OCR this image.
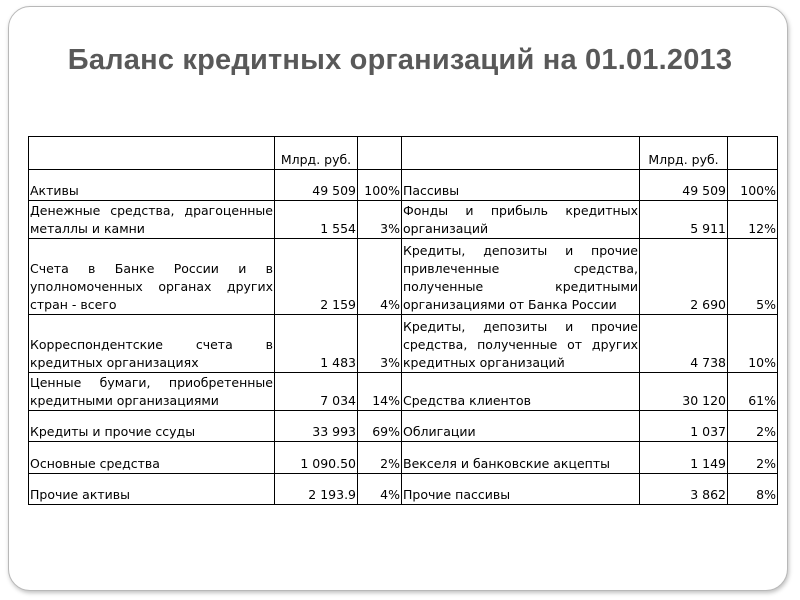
Баланс кредитных организаций на 01.01.2013
	Млрд. руб.			Млрд. руб.	
Активы	49 509	100%	Пассивы	49 509	100%
Денежные средства, драгоценные металлы и камни	1 554	3%	Фонды и прибыль кредитных организаций	5 911	12%
Счета в Банке России и в уполномоченных органах других стран - всего	2 159	4%	Кредиты, депозиты и прочие привлеченные средства, полученные кредитными организациями от Банка России	2 690	5%
Корреспондентские счета в кредитных организациях	1 483	3%	Кредиты, депозиты и прочие средства, полученные от других кредитных организаций	4 738	10%
Ценные бумаги, приобретенные кредитными организациями	7 034	14%	Средства клиентов	30 120	61%
Кредиты и прочие ссуды	33 993	69%	Облигации	1 037	2%
Основные средства	1 090.50	2%	Векселя и банковские акцепты	1 149	2%
Прочие активы	2 193.9	4%	Прочие пассивы	3 862	8%
